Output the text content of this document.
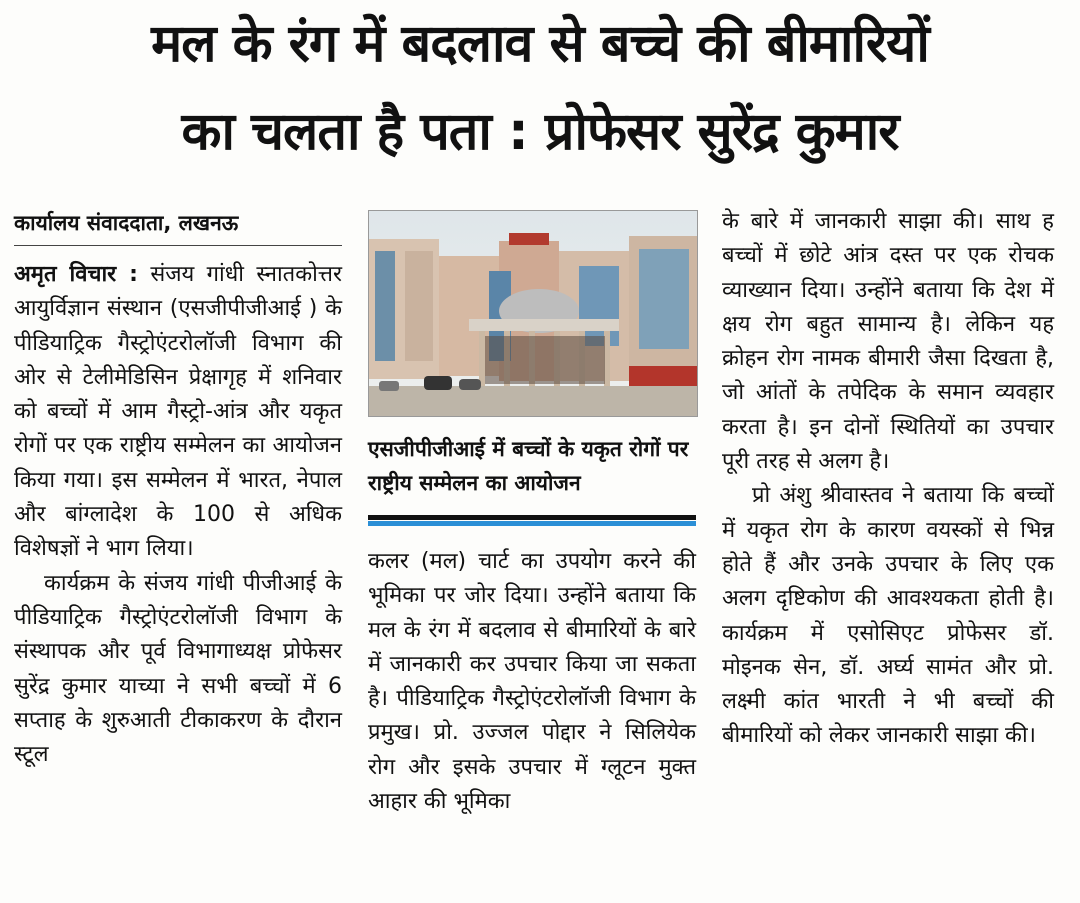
मल के रंग में बदलाव से बच्चे की बीमारियों
का चलता है पता : प्रोफेसर सुरेंद्र कुमार
कार्यालय संवाददाता, लखनऊ

अमृत विचार : संजय गांधी स्नातकोत्तर आयुर्विज्ञान संस्थान (एसजीपीजीआई ) के पीडियाट्रिक गैस्ट्रोएंटरोलॉजी विभाग की ओर से टेलीमेडिसिन प्रेक्षागृह में शनिवार को बच्चों में आम गैस्ट्रो-आंत्र और यकृत रोगों पर एक राष्ट्रीय सम्मेलन का आयोजन किया गया। इस सम्मेलन में भारत, नेपाल और बांग्लादेश के 100 से अधिक विशेषज्ञों ने भाग लिया।

कार्यक्रम के संजय गांधी पीजीआई के पीडियाट्रिक गैस्ट्रोएंटरोलॉजी विभाग के संस्थापक और पूर्व विभागाध्यक्ष प्रोफेसर सुरेंद्र कुमार याच्या ने सभी बच्चों में 6 सप्ताह के शुरुआती टीकाकरण के दौरान स्टूल

एसजीपीजीआई में बच्चों के यकृत रोगों पर राष्ट्रीय सम्मेलन का आयोजन

कलर (मल) चार्ट का उपयोग करने की भूमिका पर जोर दिया। उन्होंने बताया कि मल के रंग में बदलाव से बीमारियों के बारे में जानकारी कर उपचार किया जा सकता है। पीडियाट्रिक गैस्ट्रोएंटरोलॉजी विभाग के प्रमुख। प्रो. उज्जल पोद्दार ने सिलियेक रोग और इसके उपचार में ग्लूटन मुक्त आहार की भूमिका

के बारे में जानकारी साझा की। साथ ह बच्चों में छोटे आंत्र दस्त पर एक रोचक व्याख्यान दिया। उन्होंने बताया कि देश में क्षय रोग बहुत सामान्य है। लेकिन यह क्रोहन रोग नामक बीमारी जैसा दिखता है, जो आंतों के तपेदिक के समान व्यवहार करता है। इन दोनों स्थितियों का उपचार पूरी तरह से अलग है।

प्रो अंशु श्रीवास्तव ने बताया कि बच्चों में यकृत रोग के कारण वयस्कों से भिन्न होते हैं और उनके उपचार के लिए एक अलग दृष्टिकोण की आवश्यकता होती है। कार्यक्रम में एसोसिएट प्रोफेसर डॉ. मोइनक सेन, डॉ. अर्घ्य सामंत और प्रो. लक्ष्मी कांत भारती ने भी बच्चों की बीमारियों को लेकर जानकारी साझा की।
